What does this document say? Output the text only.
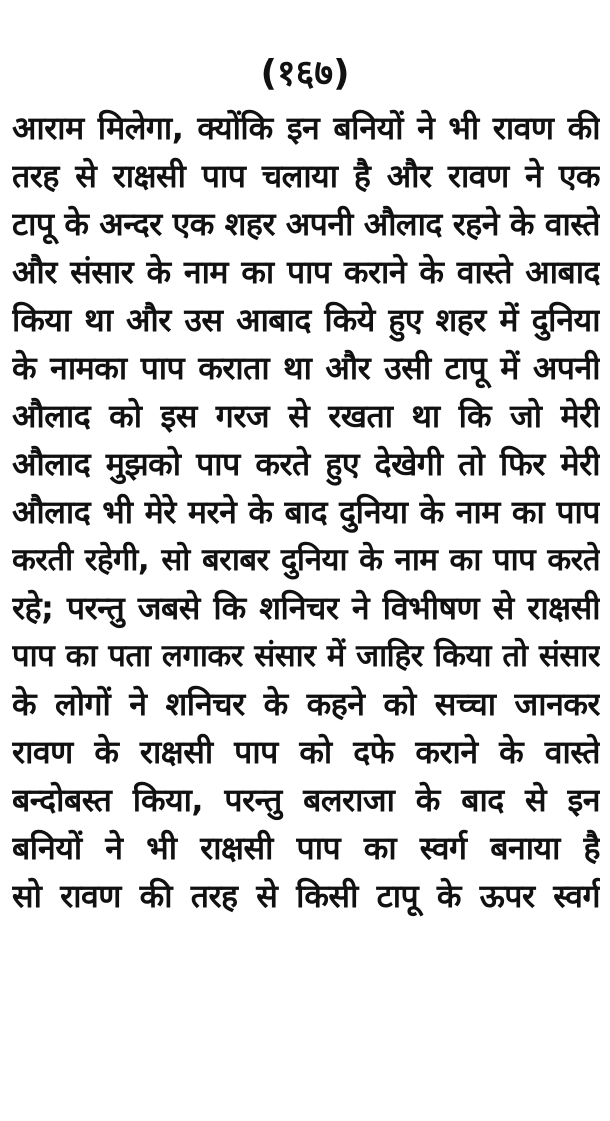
(१६७)
आराम मिलेगा, क्योंकि इन बनियों ने भी रावण की
तरह से राक्षसी पाप चलाया है और रावण ने एक
टापू के अन्दर एक शहर अपनी औलाद रहने के वास्ते
और संसार के नाम का पाप कराने के वास्ते आबाद
किया था और उस आबाद किये हुए शहर में दुनिया
के नामका पाप कराता था और उसी टापू में अपनी
औलाद को इस गरज से रखता था कि जो मेरी
औलाद मुझको पाप करते हुए देखेगी तो फिर मेरी
औलाद भी मेरे मरने के बाद दुनिया के नाम का पाप
करती रहेगी, सो बराबर दुनिया के नाम का पाप करते
रहे; परन्तु जबसे कि शनिचर ने विभीषण से राक्षसी
पाप का पता लगाकर संसार में जाहिर किया तो संसार
के लोगों ने शनिचर के कहने को सच्चा जानकर
रावण के राक्षसी पाप को दफे कराने के वास्ते
बन्दोबस्त किया, परन्तु बलराजा के बाद से इन
बनियों ने भी राक्षसी पाप का स्वर्ग बनाया है
सो रावण की तरह से किसी टापू के ऊपर स्वर्ग
